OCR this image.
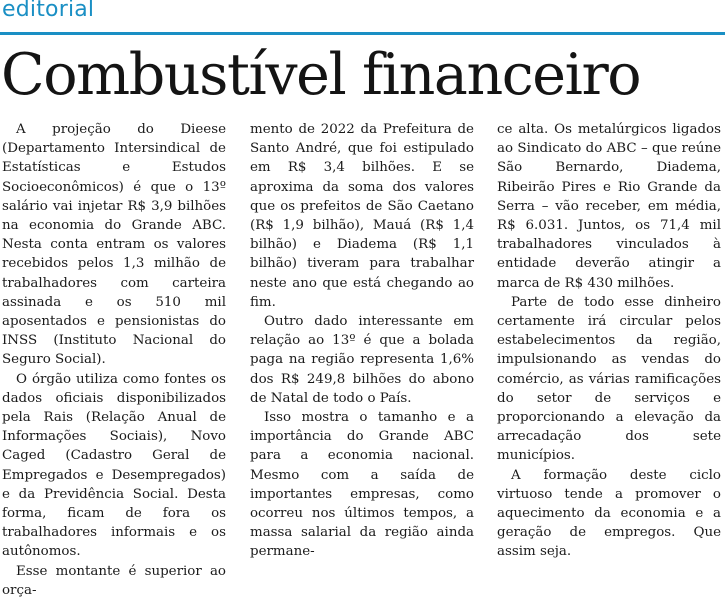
editorial
Combustível financeiro

A projeção do Dieese (Departamento Intersindical de Estatísticas e Estudos Socioeconômicos) é que o 13º salário vai injetar R$ 3,9 bilhões na economia do Grande ABC. Nesta conta entram os valores recebidos pelos 1,3 milhão de trabalhadores com carteira assinada e os 510 mil aposentados e pensionistas do INSS (Instituto Nacional do Seguro Social).

O órgão utiliza como fontes os dados oficiais disponibilizados pela Rais (Relação Anual de Informações Sociais), Novo Caged (Cadastro Geral de Empregados e Desempregados) e da Previdência Social. Desta forma, ficam de fora os trabalhadores informais e os autônomos.

Esse montante é superior ao orça-

mento de 2022 da Prefeitura de Santo André, que foi estipulado em R$ 3,4 bilhões. E se aproxima da soma dos valores que os prefeitos de São Caetano (R$ 1,9 bilhão), Mauá (R$ 1,4 bilhão) e Diadema (R$ 1,1 bilhão) tiveram para trabalhar neste ano que está chegando ao fim.

Outro dado interessante em relação ao 13º é que a bolada paga na região representa 1,6% dos R$ 249,8 bilhões do abono de Natal de todo o País.

Isso mostra o tamanho e a importância do Grande ABC para a economia nacional. Mesmo com a saída de importantes empresas, como ocorreu nos últimos tempos, a massa salarial da região ainda permane-

ce alta. Os metalúrgicos ligados ao Sindicato do ABC – que reúne São Bernardo, Diadema, Ribeirão Pires e Rio Grande da Serra – vão receber, em média, R$ 6.031. Juntos, os 71,4 mil trabalhadores vinculados à entidade deverão atingir a marca de R$ 430 milhões.

Parte de todo esse dinheiro certamente irá circular pelos estabelecimentos da região, impulsionando as vendas do comércio, as várias ramificações do setor de serviços e proporcionando a elevação da arrecadação dos sete municípios.

A formação deste ciclo virtuoso tende a promover o aquecimento da economia e a geração de empregos. Que assim seja.
